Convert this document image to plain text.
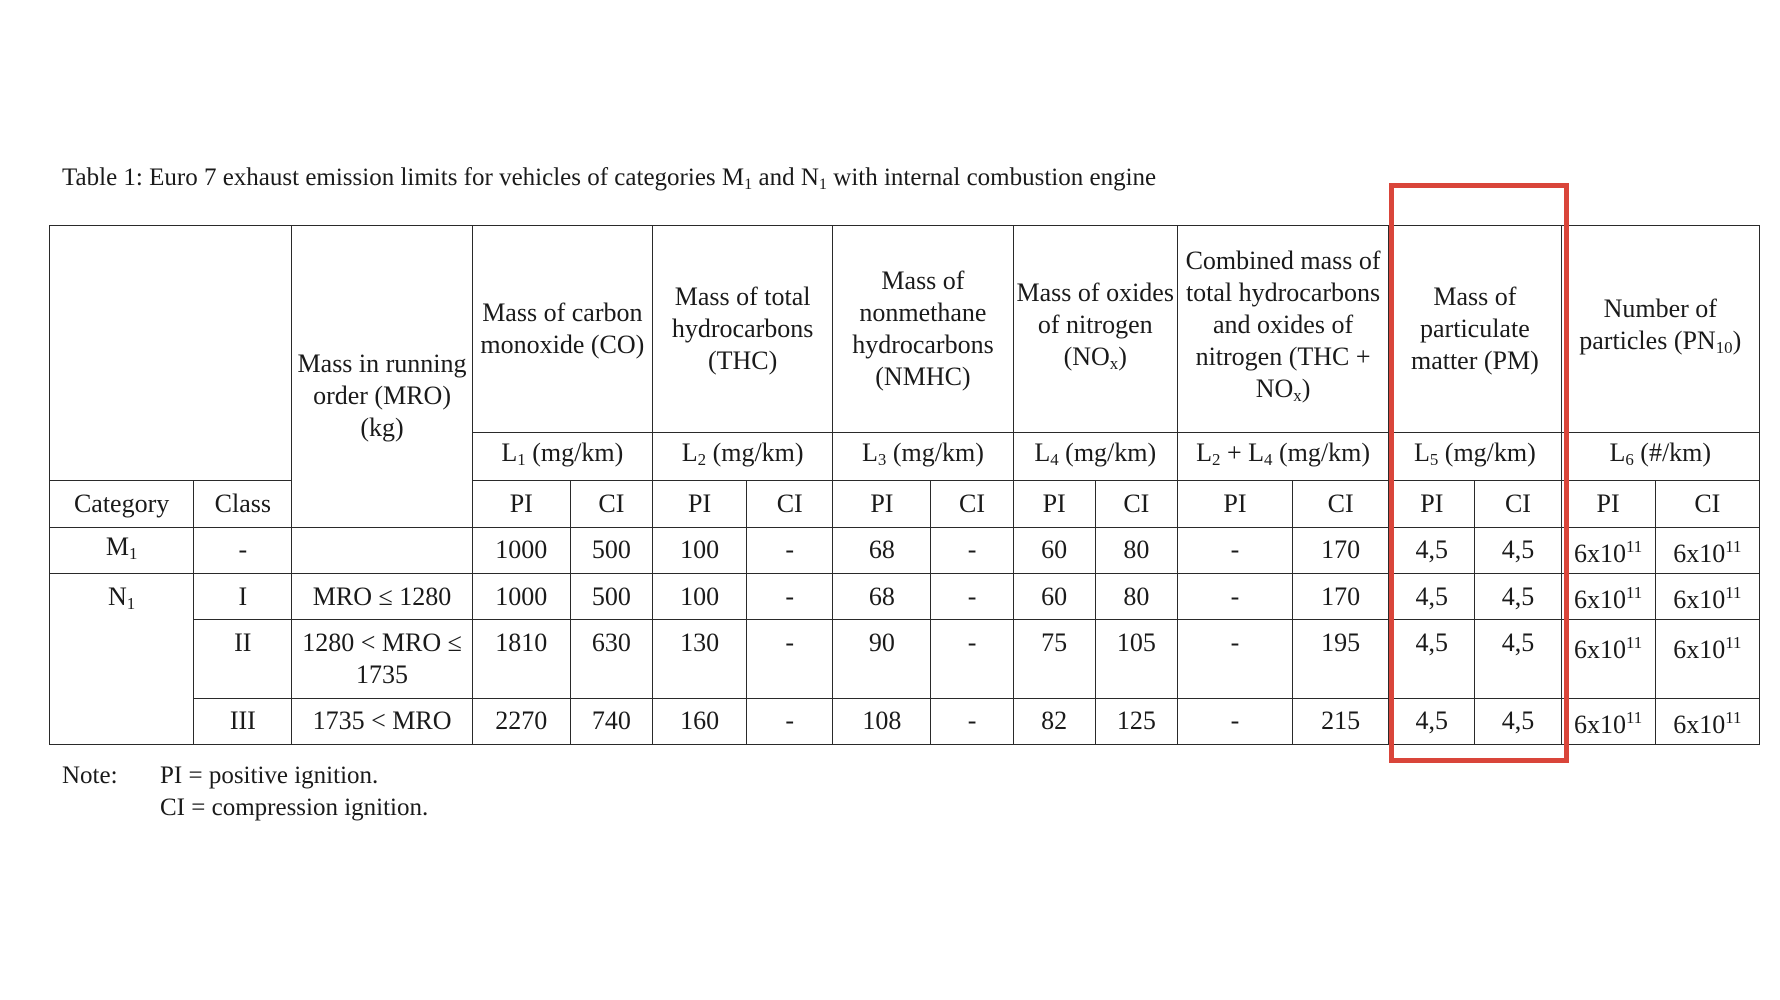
Table 1: Euro 7 exhaust emission limits for vehicles of categories $M_1$ and $N_1$ with internal combustion engine
		Mass in running order (MRO) (kg)	Mass of carbon monoxide (CO)		Mass of total hydrocarbons (THC)		Mass of nonmethane hydrocarbons (NMHC)		Mass of oxides of nitrogen $(NO_x)$		Combined mass of total hydrocarbons and oxides of nitrogen $(THC + NO_x)$		Mass of particulate matter (PM)		Number of particles $(PN_{10})$	
			$L_1$ (mg/km)		$L_2$ (mg/km)		$L_3$ (mg/km)		$L_4$ (mg/km)		$L_2 + L_4$ (mg/km)		$L_5$ (mg/km)		$L_6$ (#/km)	
Category	Class		PI	CI	PI	CI	PI	CI	PI	CI	PI	CI	PI	CI	PI	CI
$M_1$	-		1000	500	100	-	68	-	60	80	-	170	4,5	4,5	$6x10^{11}$	$6x10^{11}$
$N_1$	I	MRO ≤ 1280	1000	500	100	-	68	-	60	80	-	170	4,5	4,5	$6x10^{11}$	$6x10^{11}$
	II	1280 < MRO ≤ 1735	1810	630	130	-	90	-	75	105	-	195	4,5	4,5	$6x10^{11}$	$6x10^{11}$
	III	1735 < MRO	2270	740	160	-	108	-	82	125	-	215	4,5	4,5	$6x10^{11}$	$6x10^{11}$
Note: PI = positive ignition.
CI = compression ignition.
